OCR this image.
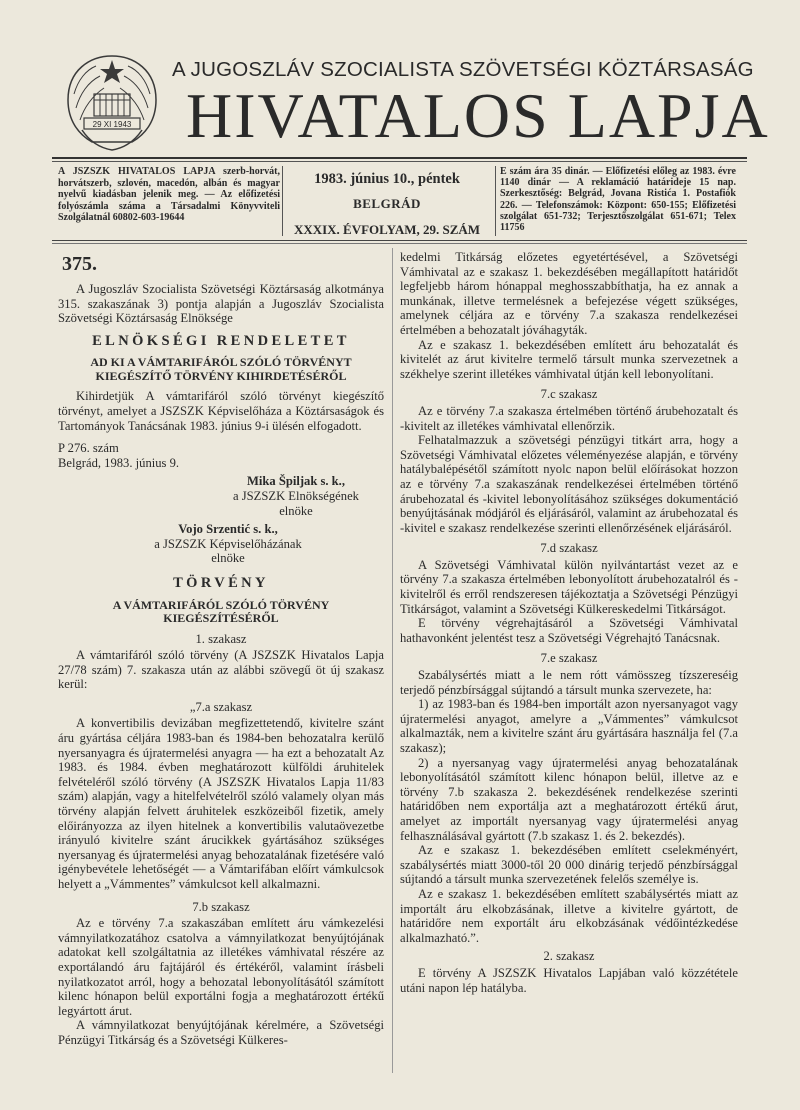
29 XI 1943
A JUGOSZLÁV SZOCIALISTA SZÖVETSÉGI KÖZTÁRSASÁG
HIVATALOS LAPJA
A JSZSZK HIVATALOS LAPJA szerb-horvát, horvátszerb, szlovén, macedón, albán és magyar nyelvű kiadásban jelenik meg. — Az előfizetési folyószámla száma a Társadalmi Könyvviteli Szolgálatnál 60802-603-19644
1983. június 10., péntek
BELGRÁD
XXXIX. ÉVFOLYAM, 29. SZÁM
E szám ára 35 dinár. — Előfizetési előleg az 1983. évre 1140 dinár — A reklamáció határideje 15 nap. Szerkesztőség: Belgrád, Jovana Ristića 1. Postafiók 226. — Telefonszámok: Központ: 650-155; Előfizetési szolgálat 651-732; Terjesztőszolgálat 651-671; Telex 11756
375.

A Jugoszláv Szocialista Szövetségi Köztársaság alkotmánya 315. szakaszának 3) pontja alapján a Jugoszláv Szocialista Szövetségi Köztársaság Elnöksége

ELNÖKSÉGI RENDELETET
AD KI A VÁMTARIFÁRÓL SZÓLÓ TÖRVÉNYT KIEGÉSZÍTŐ TÖRVÉNY KIHIRDETÉSÉRŐL

Kihirdetjük A vámtarifáról szóló törvényt kiegészítő törvényt, amelyet a JSZSZK Képviselőháza a Köztársaságok és Tartományok Tanácsának 1983. június 9-i ülésén elfogadott.

P 276. szám

Belgrád, 1983. június 9.

Mika Špiljak s. k.,
a JSZSZK Elnökségének
elnöke
Vojo Srzentić s. k.,
a JSZSZK Képviselőházának
elnöke
TÖRVÉNY
A VÁMTARIFÁRÓL SZÓLÓ TÖRVÉNY KIEGÉSZÍTÉSÉRŐL
1. szakasz

A vámtarifáról szóló törvény (A JSZSZK Hivatalos Lapja 27/78 szám) 7. szakasza után az alábbi szövegű öt új szakasz kerül:

„7.a szakasz

A konvertibilis devizában megfizettetendő, kivitelre szánt áru gyártása céljára 1983-ban és 1984-ben behozatalra kerülő nyersanyagra és újratermelési anyagra — ha ezt a behozatalt Az 1983. és 1984. évben meghatározott külföldi áruhitelek felvételéről szóló törvény (A JSZSZK Hivatalos Lapja 11/83 szám) alapján, vagy a hitelfelvételről szóló valamely olyan más törvény alapján felvett áruhitelek eszközeiből fizetik, amely előirányozza az ilyen hitelnek a konvertibilis valutaövezetbe irányuló kivitelre szánt árucikkek gyártásához szükséges nyersanyag és újratermelési anyag behozatalának fizetésére való igénybevétele lehetőségét — a Vámtarifában előírt vámkulcsok helyett a „Vámmentes” vámkulcsot kell alkalmazni.

7.b szakasz

Az e törvény 7.a szakaszában említett áru vámkezelési vámnyilatkozatához csatolva a vámnyilatkozat benyújtójának adatokat kell szolgáltatnia az illetékes vámhivatal részére az exportálandó áru fajtájáról és értékéről, valamint írásbeli nyilatkozatot arról, hogy a behozatal lebonyolításától számított kilenc hónapon belül exportálni fogja a meghatározott értékű legyártott árut.

A vámnyilatkozat benyújtójának kérelmére, a Szövetségi Pénzügyi Titkárság és a Szövetségi Külkeres-

kedelmi Titkárság előzetes egyetértésével, a Szövetségi Vámhivatal az e szakasz 1. bekezdésében megállapított határidőt legfeljebb három hónappal meghosszabbíthatja, ha ez annak a munkának, illetve termelésnek a befejezése végett szükséges, amelynek céljára az e törvény 7.a szakasza rendelkezései értelmében a behozatalt jóváhagyták.

Az e szakasz 1. bekezdésében említett áru behozatalát és kivitelét az árut kivitelre termelő társult munka szervezetnek a székhelye szerint illetékes vámhivatal útján kell lebonyolítani.

7.c szakasz

Az e törvény 7.a szakasza értelmében történő árubehozatalt és -kivitelt az illetékes vámhivatal ellenőrzik.

Felhatalmazzuk a szövetségi pénzügyi titkárt arra, hogy a Szövetségi Vámhivatal előzetes véleményezése alapján, e törvény hatálybalépésétől számított nyolc napon belül előírásokat hozzon az e törvény 7.a szakaszának rendelkezései értelmében történő árubehozatal és -kivitel lebonyolításához szükséges dokumentáció benyújtásának módjáról és eljárásáról, valamint az árubehozatal és -kivitel e szakasz rendelkezése szerinti ellenőrzésének eljárásáról.

7.d szakasz

A Szövetségi Vámhivatal külön nyilvántartást vezet az e törvény 7.a szakasza értelmében lebonyolított árubehozatalról és -kivitelről és erről rendszeresen tájékoztatja a Szövetségi Pénzügyi Titkárságot, valamint a Szövetségi Külkereskedelmi Titkárságot.

E törvény végrehajtásáról a Szövetségi Vámhivatal hathavonként jelentést tesz a Szövetségi Végrehajtó Tanácsnak.

7.e szakasz

Szabálysértés miatt a le nem rótt vámösszeg tízszereséig terjedő pénzbírsággal sújtandó a társult munka szervezete, ha:

1) az 1983-ban és 1984-ben importált azon nyersanyagot vagy újratermelési anyagot, amelyre a „Vámmentes” vámkulcsot alkalmazták, nem a kivitelre szánt áru gyártására használja fel (7.a szakasz);

2) a nyersanyag vagy újratermelési anyag behozatalának lebonyolításától számított kilenc hónapon belül, illetve az e törvény 7.b szakasza 2. bekezdésének rendelkezése szerinti határidőben nem exportálja azt a meghatározott értékű árut, amelyet az importált nyersanyag vagy újratermelési anyag felhasználásával gyártott (7.b szakasz 1. és 2. bekezdés).

Az e szakasz 1. bekezdésében említett cselekményért, szabálysértés miatt 3000-től 20 000 dinárig terjedő pénzbírsággal sújtandó a társult munka szervezetének felelős személye is.

Az e szakasz 1. bekezdésében említett szabálysértés miatt az importált áru elkobzásának, illetve a kivitelre gyártott, de határidőre nem exportált áru elkobzásának védőintézkedése alkalmazható.”.

2. szakasz

E törvény A JSZSZK Hivatalos Lapjában való közzététele utáni napon lép hatályba.
